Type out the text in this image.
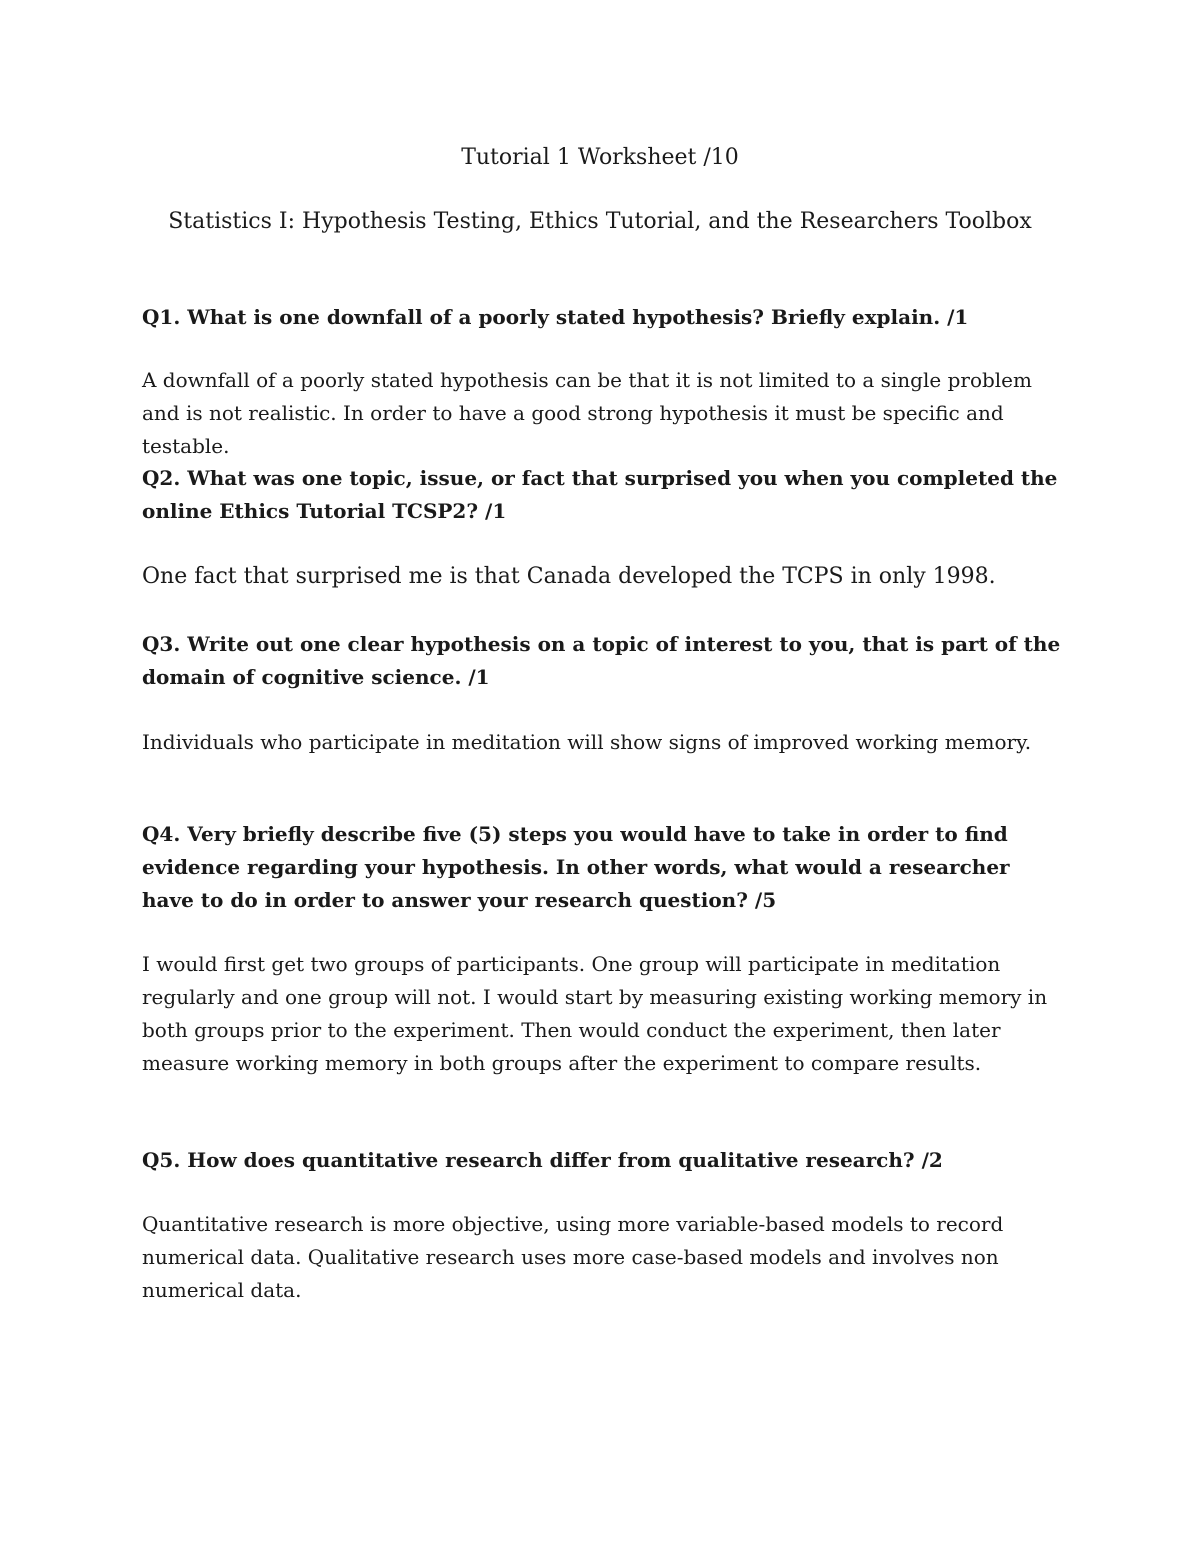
Tutorial 1 Worksheet /10
Statistics I: Hypothesis Testing, Ethics Tutorial, and the Researchers Toolbox
Q1. What is one downfall of a poorly stated hypothesis? Briefly explain. /1
A downfall of a poorly stated hypothesis can be that it is not limited to a single problem and is not realistic. In order to have a good strong hypothesis it must be specific and testable.
Q2. What was one topic, issue, or fact that surprised you when you completed the online Ethics Tutorial TCSP2? /1
One fact that surprised me is that Canada developed the TCPS in only 1998.
Q3. Write out one clear hypothesis on a topic of interest to you, that is part of the domain of cognitive science. /1
Individuals who participate in meditation will show signs of improved working memory.
Q4. Very briefly describe five (5) steps you would have to take in order to find evidence regarding your hypothesis. In other words, what would a researcher have to do in order to answer your research question? /5
I would first get two groups of participants. One group will participate in meditation regularly and one group will not. I would start by measuring existing working memory in both groups prior to the experiment. Then would conduct the experiment, then later measure working memory in both groups after the experiment to compare results.
Q5. How does quantitative research differ from qualitative research? /2
Quantitative research is more objective, using more variable-based models to record numerical data. Qualitative research uses more case-based models and involves non numerical data.
